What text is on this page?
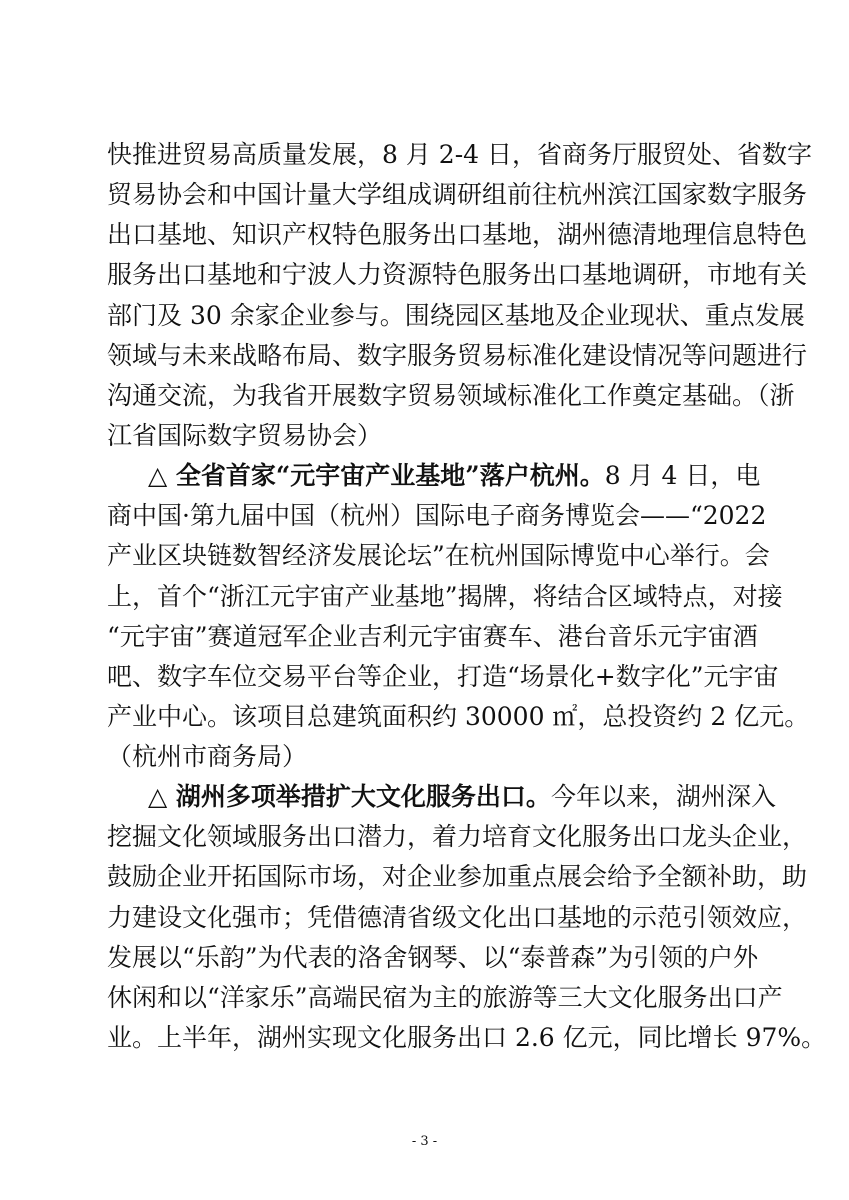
快推进贸易高质量发展，8 月 2-4 日，省商务厅服贸处、省数字
贸易协会和中国计量大学组成调研组前往杭州滨江国家数字服务
出口基地、知识产权特色服务出口基地，湖州德清地理信息特色
服务出口基地和宁波人力资源特色服务出口基地调研，市地有关
部门及 30 余家企业参与。围绕园区基地及企业现状、重点发展
领域与未来战略布局、数字服务贸易标准化建设情况等问题进行
沟通交流，为我省开展数字贸易领域标准化工作奠定基础。（浙
江省国际数字贸易协会）
△ 全省首家“元宇宙产业基地”落户杭州。8 月 4 日，电
商中国·第九届中国（杭州）国际电子商务博览会——“2022
产业区块链数智经济发展论坛”在杭州国际博览中心举行。会
上，首个“浙江元宇宙产业基地”揭牌，将结合区域特点，对接
“元宇宙”赛道冠军企业吉利元宇宙赛车、港台音乐元宇宙酒
吧、数字车位交易平台等企业，打造“场景化+数字化”元宇宙
产业中心。该项目总建筑面积约 30000 ㎡，总投资约 2 亿元。
（杭州市商务局）
△ 湖州多项举措扩大文化服务出口。今年以来，湖州深入
挖掘文化领域服务出口潜力，着力培育文化服务出口龙头企业，
鼓励企业开拓国际市场，对企业参加重点展会给予全额补助，助
力建设文化强市；凭借德清省级文化出口基地的示范引领效应，
发展以“乐韵”为代表的洛舍钢琴、以“泰普森”为引领的户外
休闲和以“洋家乐”高端民宿为主的旅游等三大文化服务出口产
业。上半年，湖州实现文化服务出口 2.6 亿元，同比增长 97%。
- 3 -
